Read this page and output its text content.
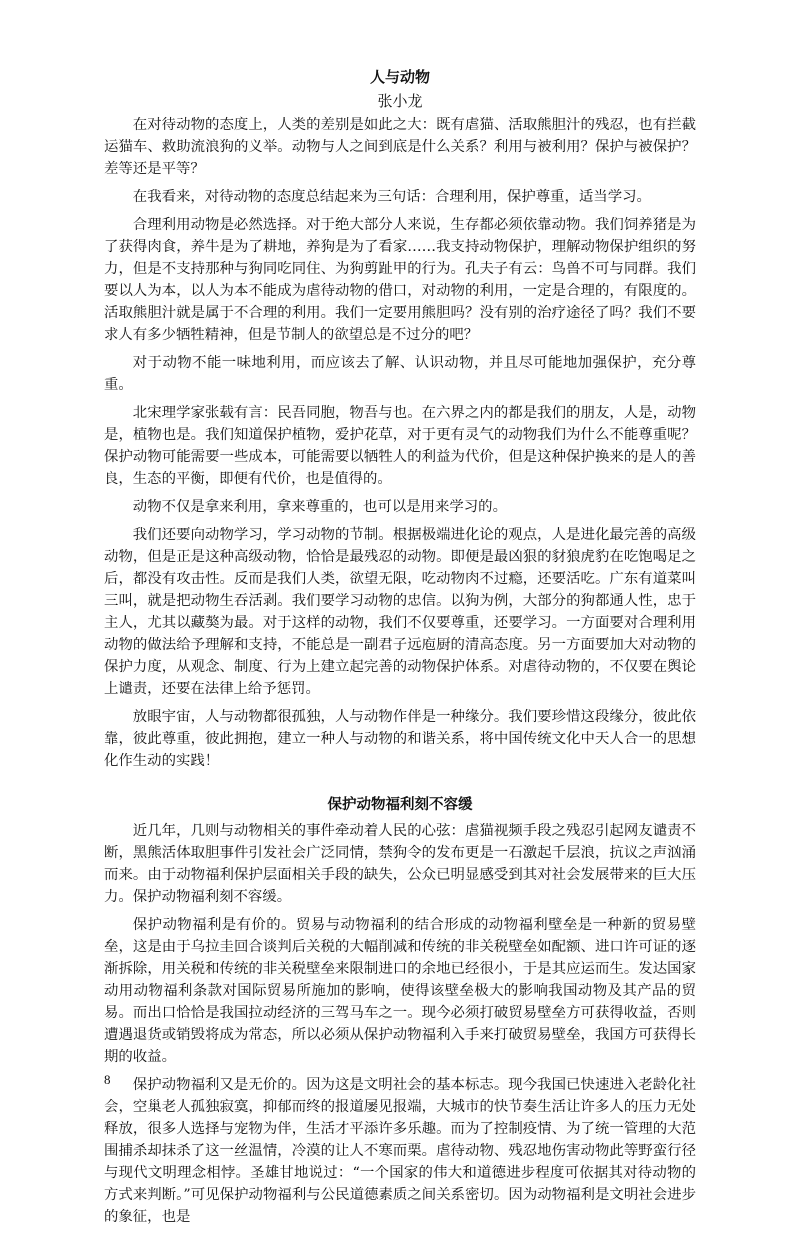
人与动物
张小龙

在对待动物的态度上，人类的差别是如此之大：既有虐猫、活取熊胆汁的残忍，也有拦截运猫车、救助流浪狗的义举。动物与人之间到底是什么关系？利用与被利用？保护与被保护？差等还是平等？

在我看来，对待动物的态度总结起来为三句话：合理利用，保护尊重，适当学习。

合理利用动物是必然选择。对于绝大部分人来说，生存都必须依靠动物。我们饲养猪是为了获得肉食，养牛是为了耕地，养狗是为了看家……我支持动物保护，理解动物保护组织的努力，但是不支持那种与狗同吃同住、为狗剪趾甲的行为。孔夫子有云：鸟兽不可与同群。我们要以人为本，以人为本不能成为虐待动物的借口，对动物的利用，一定是合理的，有限度的。活取熊胆汁就是属于不合理的利用。我们一定要用熊胆吗？没有别的治疗途径了吗？我们不要求人有多少牺牲精神，但是节制人的欲望总是不过分的吧？

对于动物不能一味地利用，而应该去了解、认识动物，并且尽可能地加强保护，充分尊重。

北宋理学家张载有言：民吾同胞，物吾与也。在六界之内的都是我们的朋友，人是，动物是，植物也是。我们知道保护植物，爱护花草，对于更有灵气的动物我们为什么不能尊重呢？保护动物可能需要一些成本，可能需要以牺牲人的利益为代价，但是这种保护换来的是人的善良，生态的平衡，即便有代价，也是值得的。

动物不仅是拿来利用，拿来尊重的，也可以是用来学习的。

我们还要向动物学习，学习动物的节制。根据极端进化论的观点，人是进化最完善的高级动物，但是正是这种高级动物，恰恰是最残忍的动物。即便是最凶狠的豺狼虎豹在吃饱喝足之后，都没有攻击性。反而是我们人类，欲望无限，吃动物肉不过瘾，还要活吃。广东有道菜叫三叫，就是把动物生吞活剥。我们要学习动物的忠信。以狗为例，大部分的狗都通人性，忠于主人，尤其以藏獒为最。对于这样的动物，我们不仅要尊重，还要学习。一方面要对合理利用动物的做法给予理解和支持，不能总是一副君子远庖厨的清高态度。另一方面要加大对动物的保护力度，从观念、制度、行为上建立起完善的动物保护体系。对虐待动物的，不仅要在舆论上谴责，还要在法律上给予惩罚。

放眼宇宙，人与动物都很孤独，人与动物作伴是一种缘分。我们要珍惜这段缘分，彼此依靠，彼此尊重，彼此拥抱，建立一种人与动物的和谐关系，将中国传统文化中天人合一的思想化作生动的实践！

保护动物福利刻不容缓

近几年，几则与动物相关的事件牵动着人民的心弦：虐猫视频手段之残忍引起网友谴责不断，黑熊活体取胆事件引发社会广泛同情，禁狗令的发布更是一石激起千层浪，抗议之声汹涌而来。由于动物福利保护层面相关手段的缺失，公众已明显感受到其对社会发展带来的巨大压力。保护动物福利刻不容缓。

保护动物福利是有价的。贸易与动物福利的结合形成的动物福利壁垒是一种新的贸易壁垒，这是由于乌拉圭回合谈判后关税的大幅削减和传统的非关税壁垒如配额、进口许可证的逐渐拆除，用关税和传统的非关税壁垒来限制进口的余地已经很小，于是其应运而生。发达国家动用动物福利条款对国际贸易所施加的影响，使得该壁垒极大的影响我国动物及其产品的贸易。而出口恰恰是我国拉动经济的三驾马车之一。现今必须打破贸易壁垒方可获得收益，否则遭遇退货或销毁将成为常态，所以必须从保护动物福利入手来打破贸易壁垒，我国方可获得长期的收益。

保护动物福利又是无价的。因为这是文明社会的基本标志。现今我国已快速进入老龄化社会，空巢老人孤独寂寞，抑郁而终的报道屡见报端，大城市的快节奏生活让许多人的压力无处释放，很多人选择与宠物为伴，生活才平添许多乐趣。而为了控制疫情、为了统一管理的大范围捕杀却抹杀了这一丝温情，冷漠的让人不寒而栗。虐待动物、残忍地伤害动物此等野蛮行径与现代文明理念相悖。圣雄甘地说过：“一个国家的伟大和道德进步程度可依据其对待动物的方式来判断。”可见保护动物福利与公民道德素质之间关系密切。因为动物福利是文明社会进步的象征，也是

8
